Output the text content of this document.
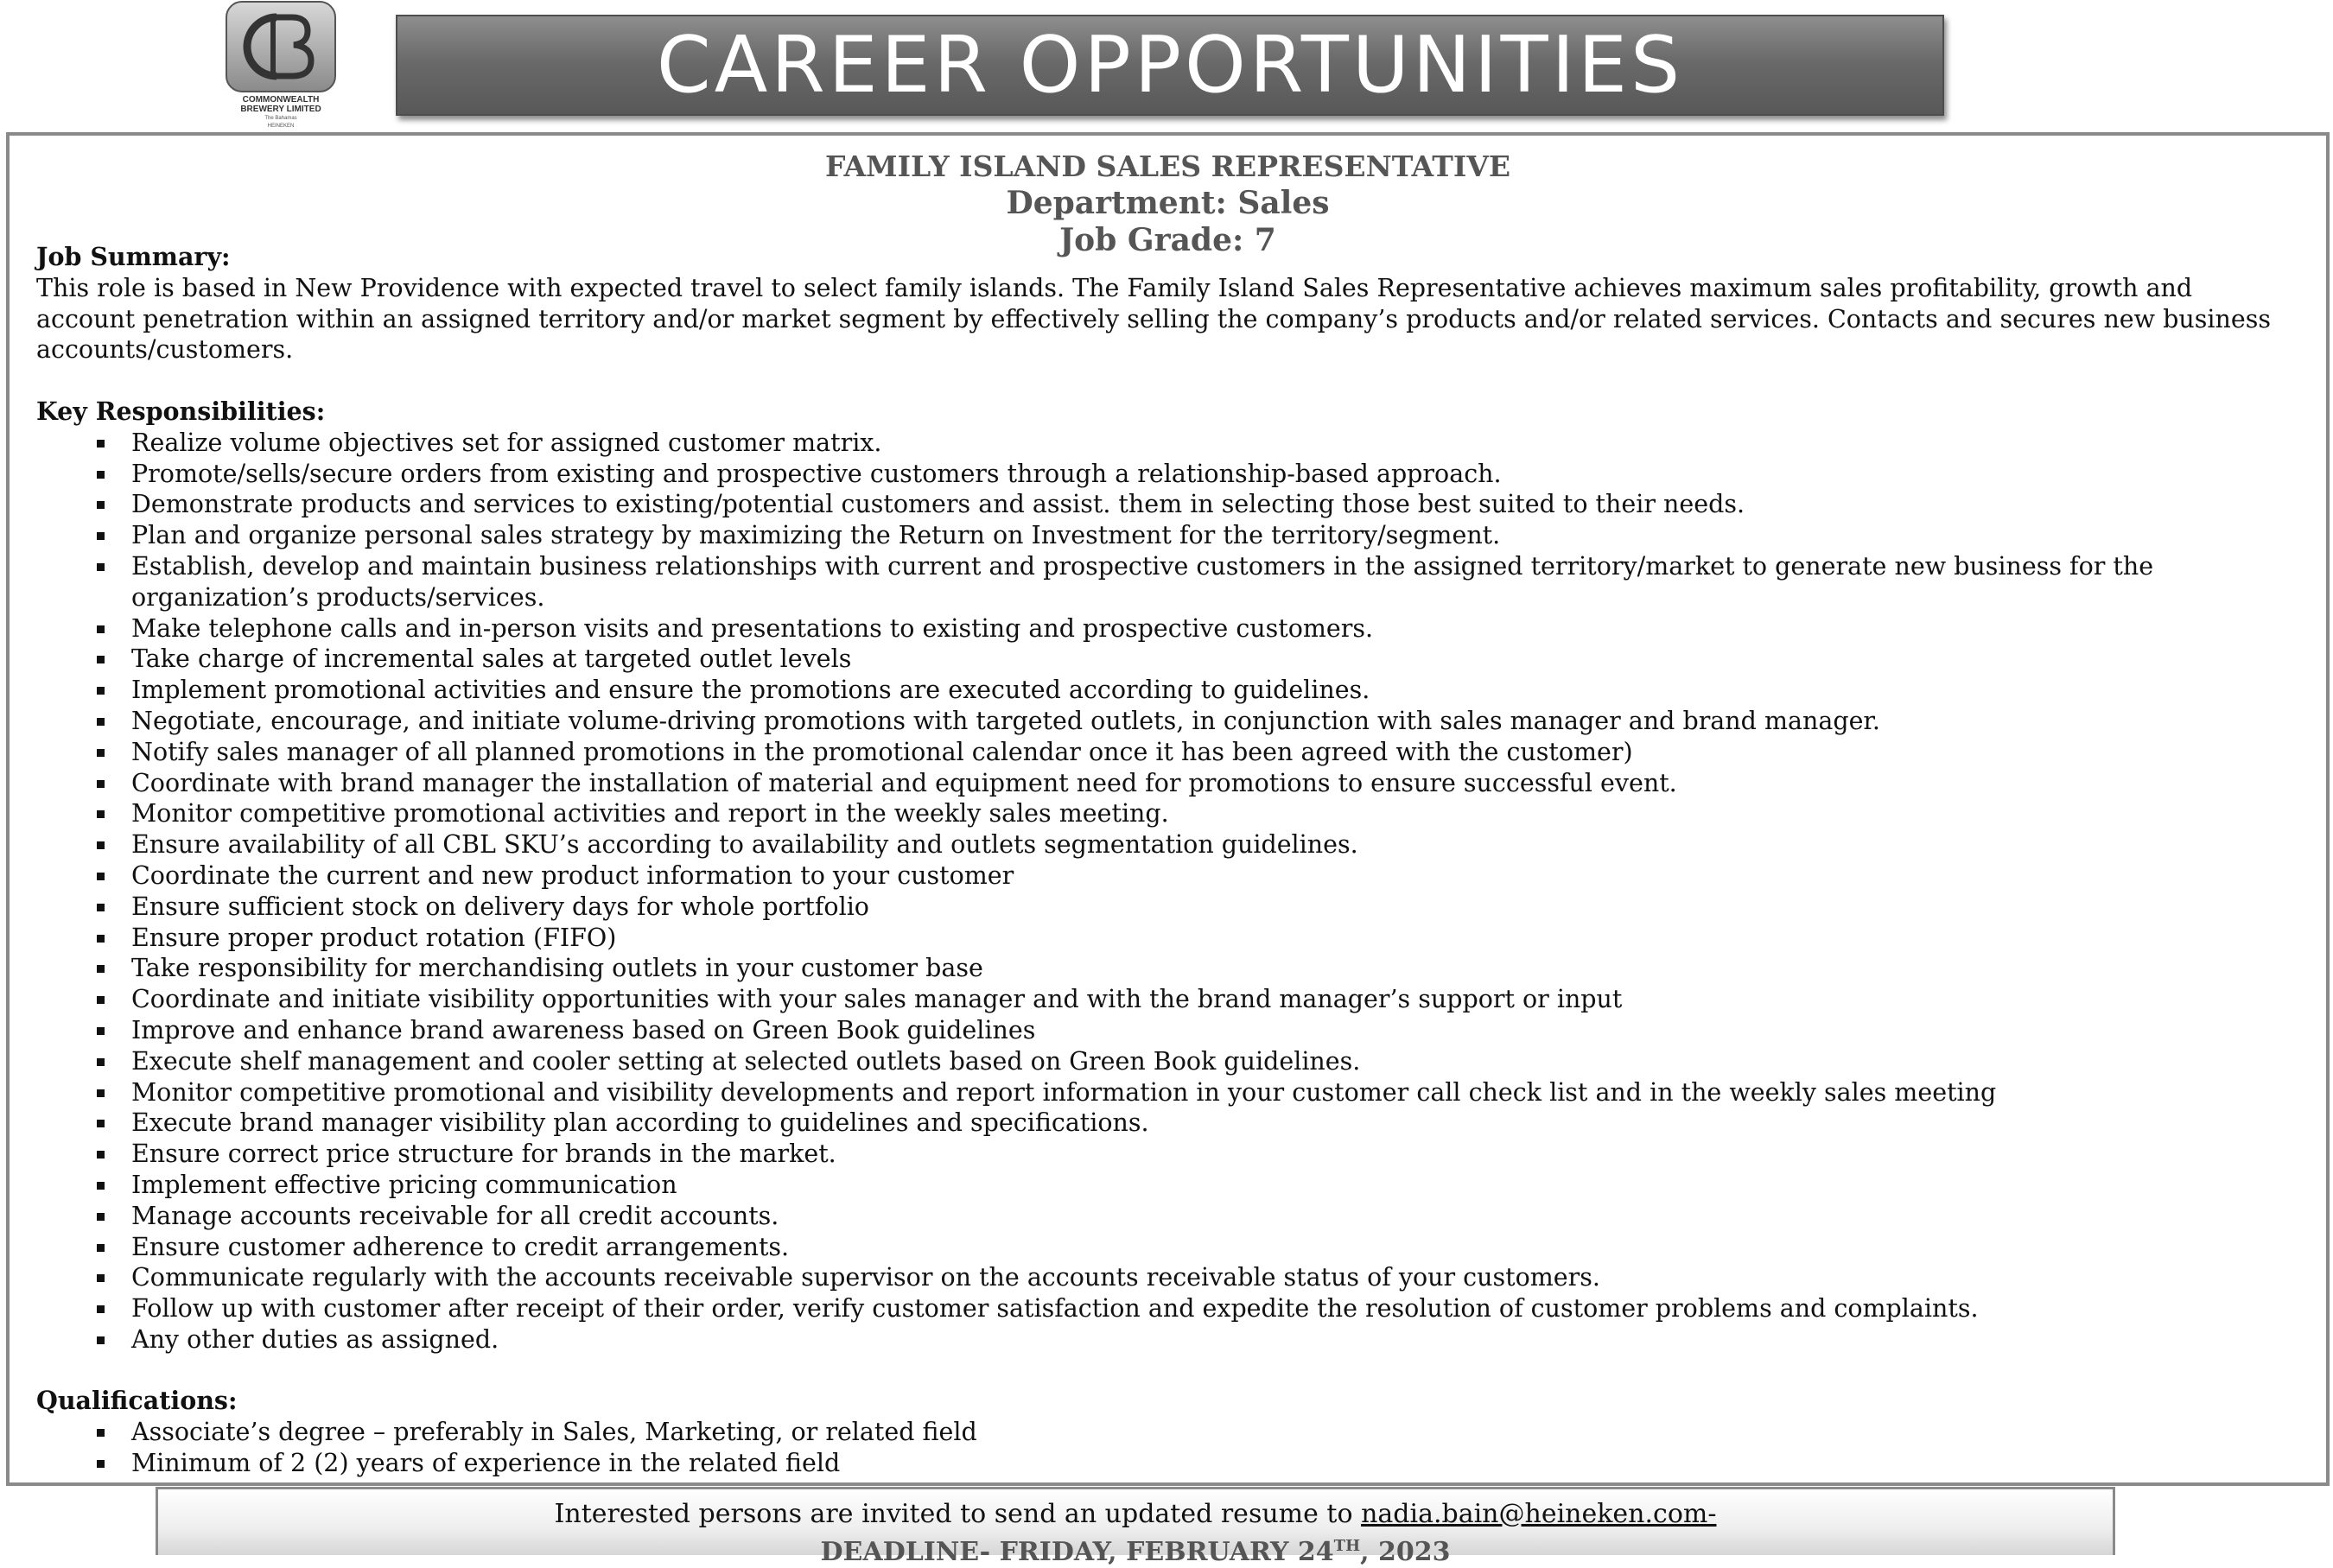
COMMONWEALTH
BREWERY LIMITED
The Bahamas
HEINEKEN
CAREER OPPORTUNITIES
FAMILY ISLAND SALES REPRESENTATIVE
Department: Sales
Job Grade: 7

Job Summary:

This role is based in New Providence with expected travel to select family islands. The Family Island Sales Representative achieves maximum sales profitability, growth and account penetration within an assigned territory and/or market segment by effectively selling the company’s products and/or related services. Contacts and secures new business accounts/customers.

Key Responsibilities:

Realize volume objectives set for assigned customer matrix.
Promote/sells/secure orders from existing and prospective customers through a relationship-based approach.
Demonstrate products and services to existing/potential customers and assist. them in selecting those best suited to their needs.
Plan and organize personal sales strategy by maximizing the Return on Investment for the territory/segment.
Establish, develop and maintain business relationships with current and prospective customers in the assigned territory/market to generate new business for the organization’s products/services.
Make telephone calls and in-person visits and presentations to existing and prospective customers.
Take charge of incremental sales at targeted outlet levels
Implement promotional activities and ensure the promotions are executed according to guidelines.
Negotiate, encourage, and initiate volume-driving promotions with targeted outlets, in conjunction with sales manager and brand manager.
Notify sales manager of all planned promotions in the promotional calendar once it has been agreed with the customer)
Coordinate with brand manager the installation of material and equipment need for promotions to ensure successful event.
Monitor competitive promotional activities and report in the weekly sales meeting.
Ensure availability of all CBL SKU’s according to availability and outlets segmentation guidelines.
Coordinate the current and new product information to your customer
Ensure sufficient stock on delivery days for whole portfolio
Ensure proper product rotation (FIFO)
Take responsibility for merchandising outlets in your customer base
Coordinate and initiate visibility opportunities with your sales manager and with the brand manager’s support or input
Improve and enhance brand awareness based on Green Book guidelines
Execute shelf management and cooler setting at selected outlets based on Green Book guidelines.
Monitor competitive promotional and visibility developments and report information in your customer call check list and in the weekly sales meeting
Execute brand manager visibility plan according to guidelines and specifications.
Ensure correct price structure for brands in the market.
Implement effective pricing communication
Manage accounts receivable for all credit accounts.
Ensure customer adherence to credit arrangements.
Communicate regularly with the accounts receivable supervisor on the accounts receivable status of your customers.
Follow up with customer after receipt of their order, verify customer satisfaction and expedite the resolution of customer problems and complaints.
Any other duties as assigned.

Qualifications:

Associate’s degree – preferably in Sales, Marketing, or related field
Minimum of 2 (2) years of experience in the related field
Interested persons are invited to send an updated resume to nadia.bain@heineken.com-
DEADLINE- FRIDAY, FEBRUARY 24TH, 2023
